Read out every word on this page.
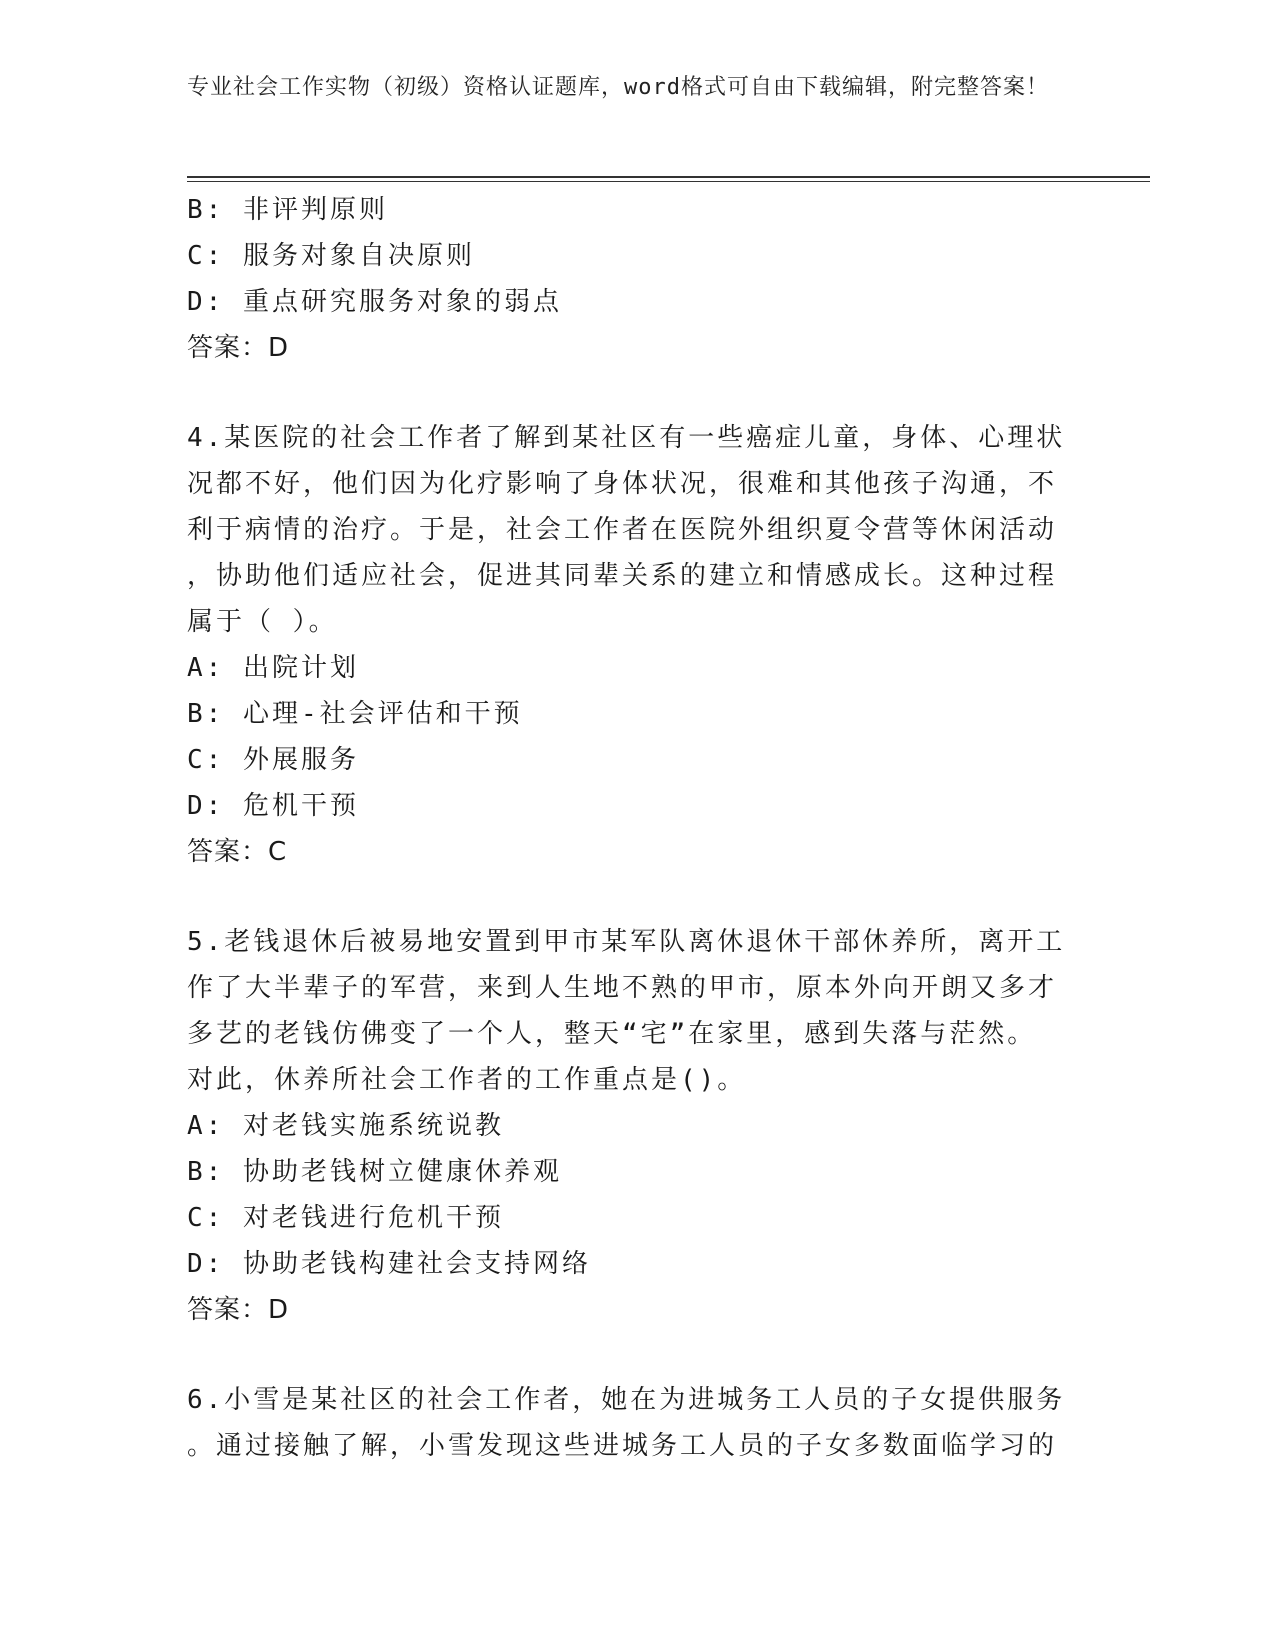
专业社会工作实物（初级）资格认证题库，word格式可自由下载编辑，附完整答案！
B: 非评判原则
C: 服务对象自决原则
D: 重点研究服务对象的弱点
答案：D
4.某医院的社会工作者了解到某社区有一些癌症儿童，身体、心理状
况都不好，他们因为化疗影响了身体状况，很难和其他孩子沟通，不
利于病情的治疗。于是，社会工作者在医院外组织夏令营等休闲活动
，协助他们适应社会，促进其同辈关系的建立和情感成长。这种过程
属于（ ）。
A: 出院计划
B: 心理-社会评估和干预
C: 外展服务
D: 危机干预
答案：C
5.老钱退休后被易地安置到甲市某军队离休退休干部休养所，离开工
作了大半辈子的军营，来到人生地不熟的甲市，原本外向开朗又多才
多艺的老钱仿佛变了一个人，整天“宅”在家里，感到失落与茫然。
对此，休养所社会工作者的工作重点是()。
A: 对老钱实施系统说教
B: 协助老钱树立健康休养观
C: 对老钱进行危机干预
D: 协助老钱构建社会支持网络
答案：D
6.小雪是某社区的社会工作者，她在为进城务工人员的子女提供服务
。通过接触了解，小雪发现这些进城务工人员的子女多数面临学习的
